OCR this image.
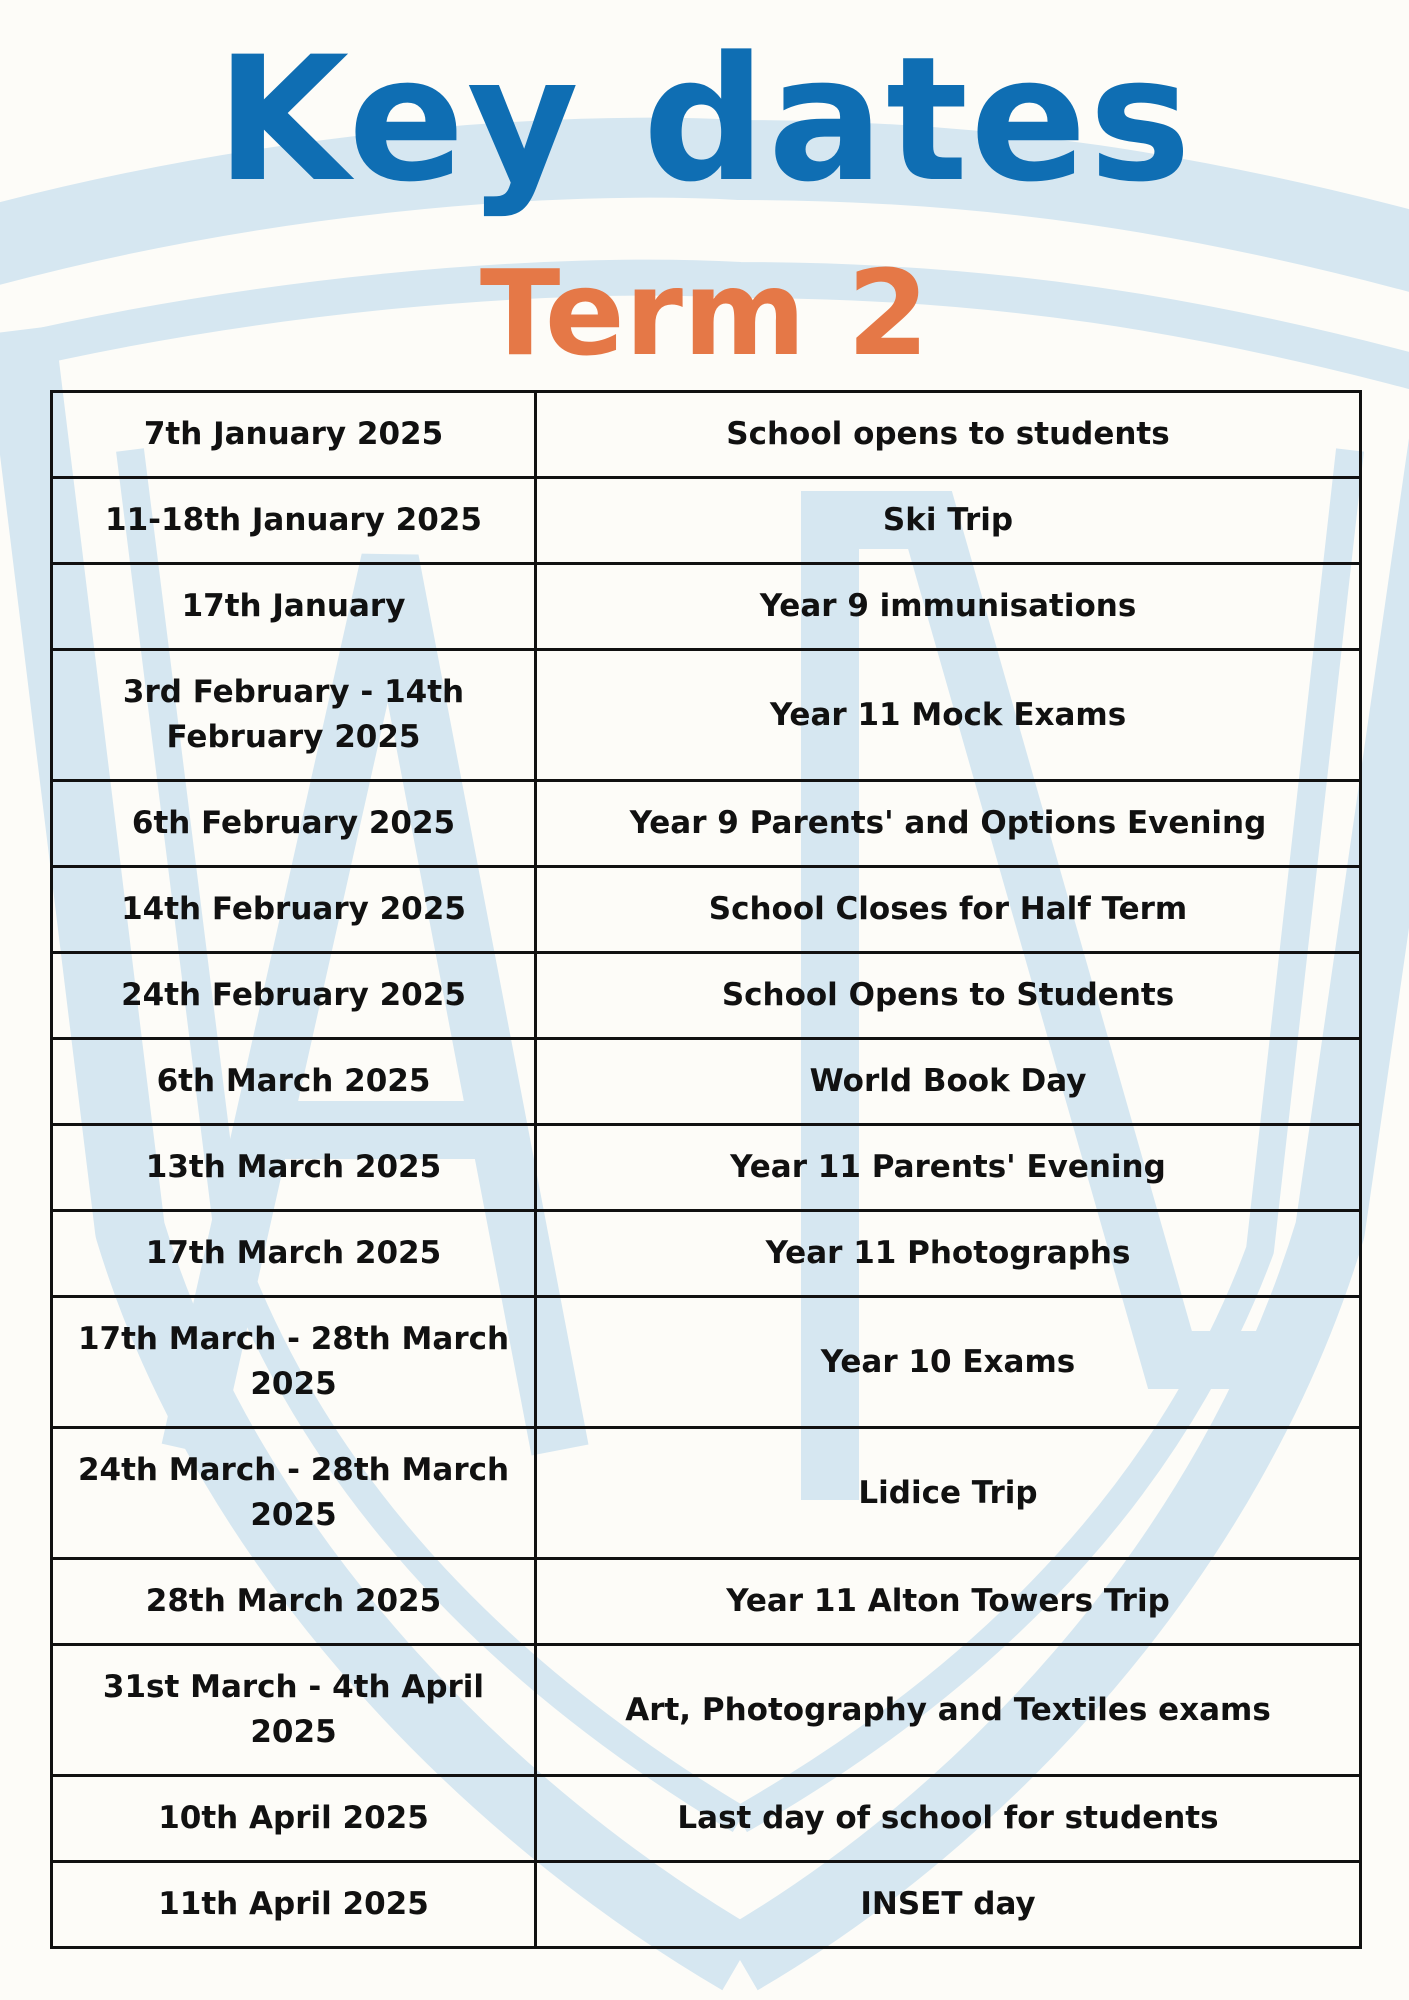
Key dates
Term 2
7th January 2025	School opens to students
11-18th January 2025	Ski Trip
17th January	Year 9 immunisations
3rd February - 14th February 2025	Year 11 Mock Exams
6th February 2025	Year 9 Parents' and Options Evening
14th February 2025	School Closes for Half Term
24th February 2025	School Opens to Students
6th March 2025	World Book Day
13th March 2025	Year 11 Parents' Evening
17th March 2025	Year 11 Photographs
17th March - 28th March 2025	Year 10 Exams
24th March - 28th March 2025	Lidice Trip
28th March 2025	Year 11 Alton Towers Trip
31st March - 4th April 2025	Art, Photography and Textiles exams
10th April 2025	Last day of school for students
11th April 2025	INSET day
